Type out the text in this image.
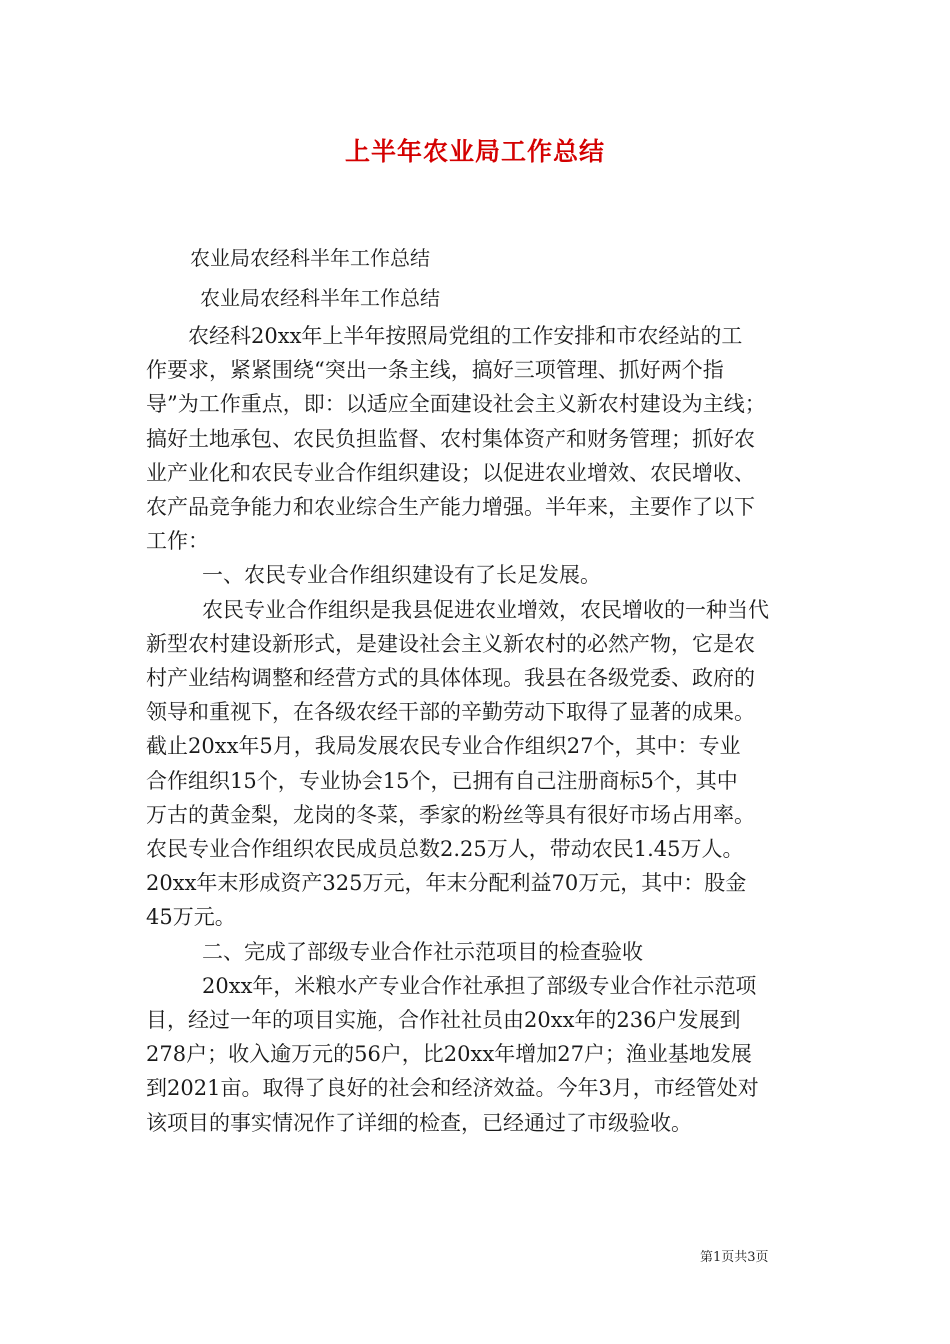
上半年农业局工作总结
农业局农经科半年工作总结
农业局农经科半年工作总结
农经科20xx年上半年按照局党组的工作安排和市农经站的工
作要求，紧紧围绕“突出一条主线，搞好三项管理、抓好两个指
导”为工作重点，即：以适应全面建设社会主义新农村建设为主线；
搞好土地承包、农民负担监督、农村集体资产和财务管理；抓好农
业产业化和农民专业合作组织建设；以促进农业增效、农民增收、
农产品竞争能力和农业综合生产能力增强。半年来，主要作了以下
工作：
一、农民专业合作组织建设有了长足发展。
农民专业合作组织是我县促进农业增效，农民增收的一种当代
新型农村建设新形式，是建设社会主义新农村的必然产物，它是农
村产业结构调整和经营方式的具体体现。我县在各级党委、政府的
领导和重视下，在各级农经干部的辛勤劳动下取得了显著的成果。
截止20xx年5月，我局发展农民专业合作组织27个，其中：专业
合作组织15个，专业协会15个，已拥有自己注册商标5个，其中
万古的黄金梨，龙岗的冬菜，季家的粉丝等具有很好市场占用率。
农民专业合作组织农民成员总数2.25万人，带动农民1.45万人。
20xx年末形成资产325万元，年末分配利益70万元，其中：股金
45万元。
二、完成了部级专业合作社示范项目的检查验收
20xx年，米粮水产专业合作社承担了部级专业合作社示范项
目，经过一年的项目实施，合作社社员由20xx年的236户发展到
278户；收入逾万元的56户，比20xx年增加27户；渔业基地发展
到2021亩。取得了良好的社会和经济效益。今年3月，市经管处对
该项目的事实情况作了详细的检查，已经通过了市级验收。
第1页共3页
